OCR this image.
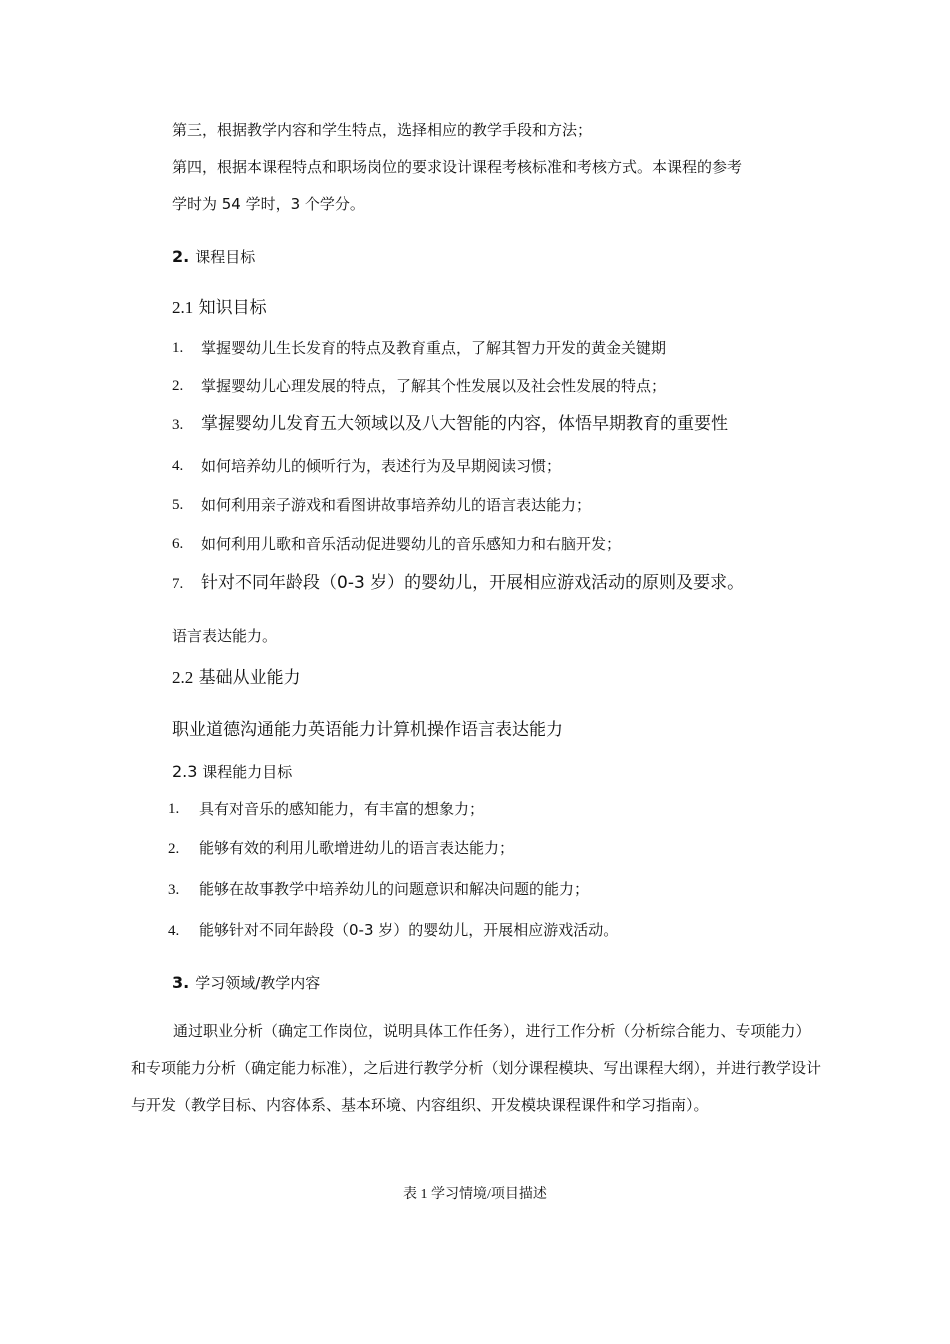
第三，根据教学内容和学生特点，选择相应的教学手段和方法；
第四，根据本课程特点和职场岗位的要求设计课程考核标准和考核方式。本课程的参考
学时为 54 学时，3 个学分。
2. 课程目标
2.1 知识目标
1. 掌握婴幼儿生长发育的特点及教育重点，了解其智力开发的黄金关键期
2. 掌握婴幼儿心理发展的特点，了解其个性发展以及社会性发展的特点；
3. 掌握婴幼儿发育五大领域以及八大智能的内容，体悟早期教育的重要性
4. 如何培养幼儿的倾听行为，表述行为及早期阅读习惯；
5. 如何利用亲子游戏和看图讲故事培养幼儿的语言表达能力；
6. 如何利用儿歌和音乐活动促进婴幼儿的音乐感知力和右脑开发；
7. 针对不同年龄段（0-3 岁）的婴幼儿，开展相应游戏活动的原则及要求。
语言表达能力。
2.2 基础从业能力
职业道德沟通能力英语能力计算机操作语言表达能力
2.3 课程能力目标
1. 具有对音乐的感知能力，有丰富的想象力；
2. 能够有效的利用儿歌增进幼儿的语言表达能力；
3. 能够在故事教学中培养幼儿的问题意识和解决问题的能力；
4. 能够针对不同年龄段（0-3 岁）的婴幼儿，开展相应游戏活动。
3. 学习领域/教学内容
通过职业分析（确定工作岗位，说明具体工作任务），进行工作分析（分析综合能力、专项能力）和专项能力分析（确定能力标准），之后进行教学分析（划分课程模块、写出课程大纲），并进行教学设计与开发（教学目标、内容体系、基本环境、内容组织、开发模块课程课件和学习指南）。
表 1 学习情境/项目描述
